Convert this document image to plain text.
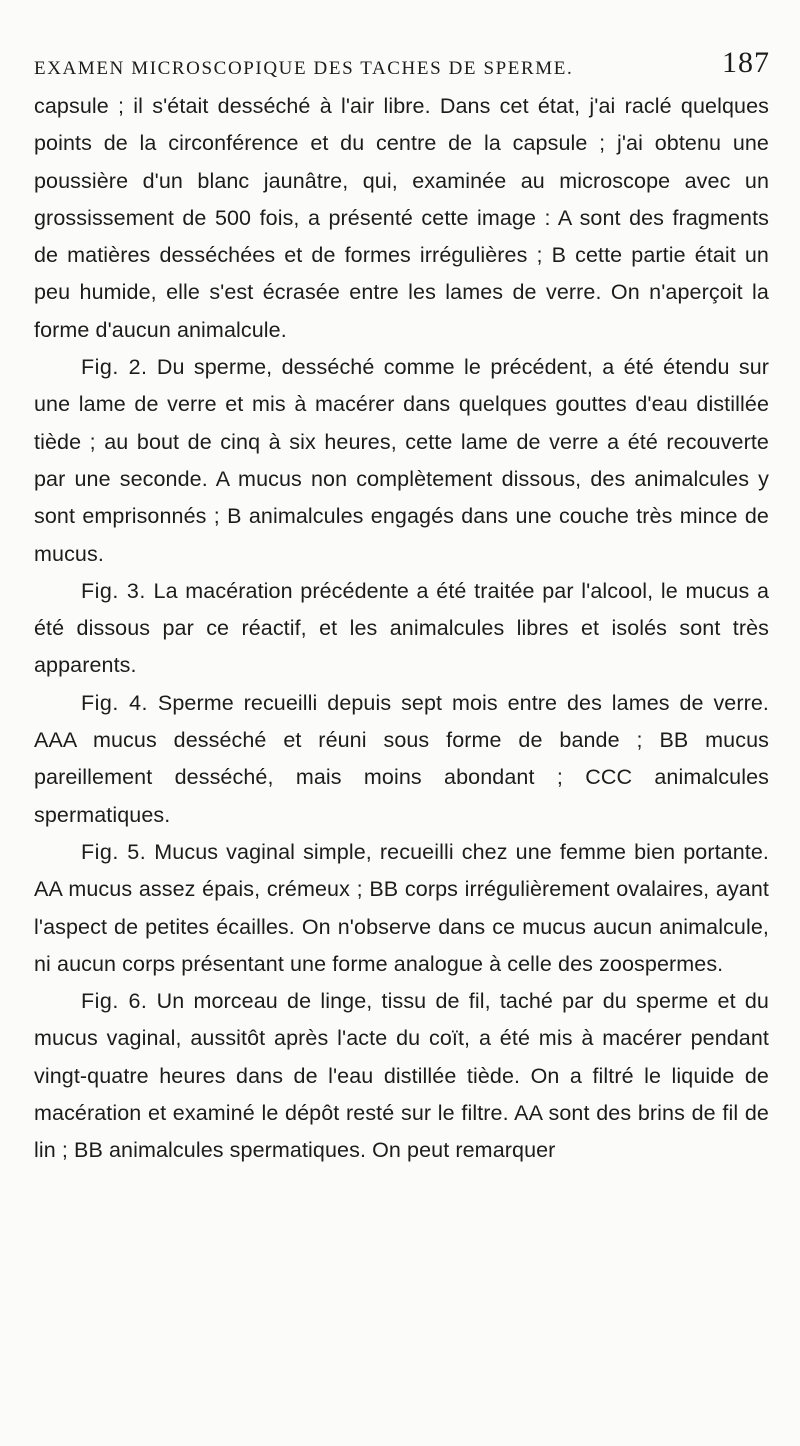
EXAMEN MICROSCOPIQUE DES TACHES DE SPERME.	187

capsule ; il s'était desséché à l'air libre. Dans cet état, j'ai raclé quelques points de la circonférence et du centre de la capsule ; j'ai obtenu une poussière d'un blanc jaunâtre, qui, examinée au microscope avec un grossissement de 500 fois, a présenté cette image : A sont des fragments de matières desséchées et de formes irrégulières ; B cette partie était un peu humide, elle s'est écrasée entre les lames de verre. On n'aperçoit la forme d'aucun animalcule.

Fig. 2. Du sperme, desséché comme le précédent, a été étendu sur une lame de verre et mis à macérer dans quelques gouttes d'eau distillée tiède ; au bout de cinq à six heures, cette lame de verre a été recouverte par une seconde. A mucus non complètement dissous, des animalcules y sont emprisonnés ; B animalcules engagés dans une couche très mince de mucus.

Fig. 3. La macération précédente a été traitée par l'alcool, le mucus a été dissous par ce réactif, et les animalcules libres et isolés sont très apparents.

Fig. 4. Sperme recueilli depuis sept mois entre des lames de verre. AAA mucus desséché et réuni sous forme de bande ; BB mucus pareillement desséché, mais moins abondant ; CCC animalcules spermatiques.

Fig. 5. Mucus vaginal simple, recueilli chez une femme bien portante. AA mucus assez épais, crémeux ; BB corps irrégulièrement ovalaires, ayant l'aspect de petites écailles. On n'observe dans ce mucus aucun animalcule, ni aucun corps présentant une forme analogue à celle des zoospermes.

Fig. 6. Un morceau de linge, tissu de fil, taché par du sperme et du mucus vaginal, aussitôt après l'acte du coït, a été mis à macérer pendant vingt-quatre heures dans de l'eau distillée tiède. On a filtré le liquide de macération et examiné le dépôt resté sur le filtre. AA sont des brins de fil de lin ; BB animalcules spermatiques. On peut remarquer
